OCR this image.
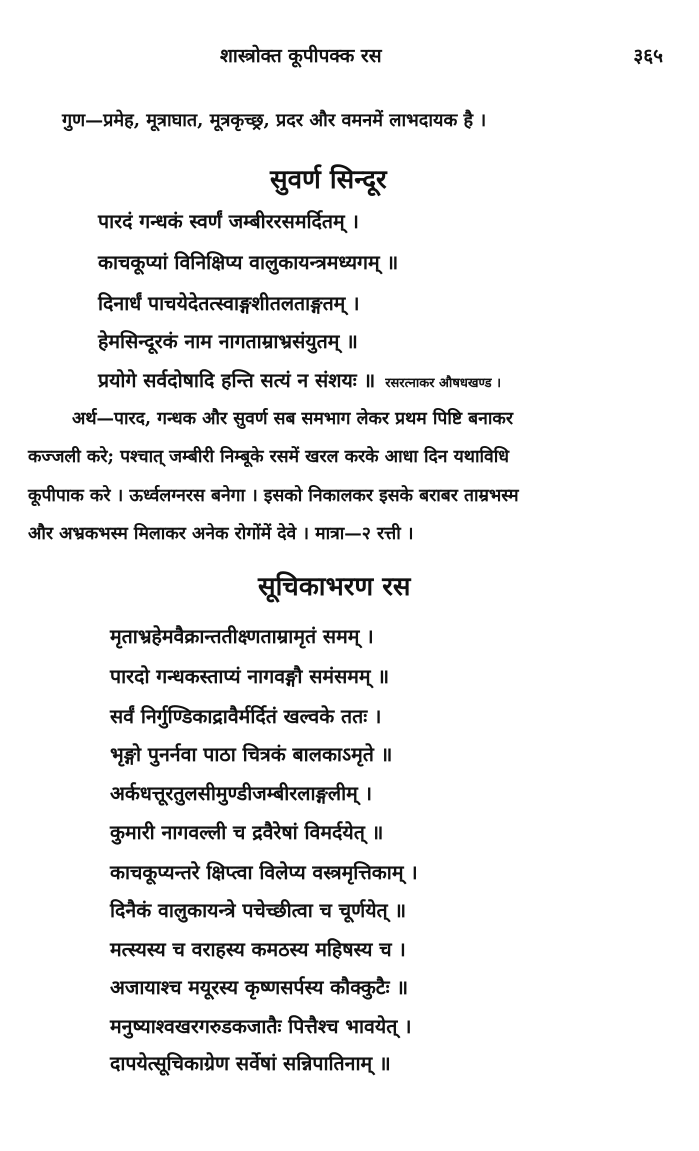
शास्त्रोक्त कूपीपक्क रस	३६५
गुण—प्रमेह, मूत्राघात, मूत्रकृच्छ्र, प्रदर और वमनमें लाभदायक है ।
सुवर्ण सिन्दूर
पारदं गन्धकं स्वर्णं जम्बीररसमर्दितम् ।
काचकूप्यां विनिक्षिप्य वालुकायन्त्रमध्यगम् ॥
दिनार्धं पाचयेदेतत्स्वाङ्गशीतलताङ्गतम् ।
हेमसिन्दूरकं नाम नागताम्राभ्रसंयुतम् ॥
प्रयोगे सर्वदोषादि हन्ति सत्यं न संशयः ॥ रसरत्नाकर औषधखण्ड ।
अर्थ—पारद, गन्धक और सुवर्ण सब समभाग लेकर प्रथम पिष्टि बनाकर
कज्जली करे; पश्चात् जम्बीरी निम्बूके रसमें खरल करके आधा दिन यथाविधि
कूपीपाक करे । ऊर्ध्वलग्नरस बनेगा । इसको निकालकर इसके बराबर ताम्रभस्म
और अभ्रकभस्म मिलाकर अनेक रोगोंमें देवे । मात्रा—२ रत्ती ।
सूचिकाभरण रस
मृताभ्रहेमवैक्रान्ततीक्ष्णताम्रामृतं समम् ।
पारदो गन्धकस्ताप्यं नागवङ्गौ समंसमम् ॥
सर्वं निर्गुण्डिकाद्रावैर्मर्दितं खल्वके ततः ।
भृङ्गो पुनर्नवा पाठा चित्रकं बालकाऽमृते ॥
अर्कधत्तूरतुलसीमुण्डीजम्बीरलाङ्गलीम् ।
कुमारी नागवल्ली च द्रवैरेषां विमर्दयेत् ॥
काचकूप्यन्तरे क्षिप्त्वा विलेप्य वस्त्रमृत्तिकाम् ।
दिनैकं वालुकायन्त्रे पचेच्छीत्वा च चूर्णयेत् ॥
मत्स्यस्य च वराहस्य कमठस्य महिषस्य च ।
अजायाश्च मयूरस्य कृष्णसर्पस्य कौक्कुटैः ॥
मनुष्याश्वखरगरुडकजातैः पित्तैश्च भावयेत् ।
दापयेत्सूचिकाग्रेण सर्वेषां सन्निपातिनाम् ॥
